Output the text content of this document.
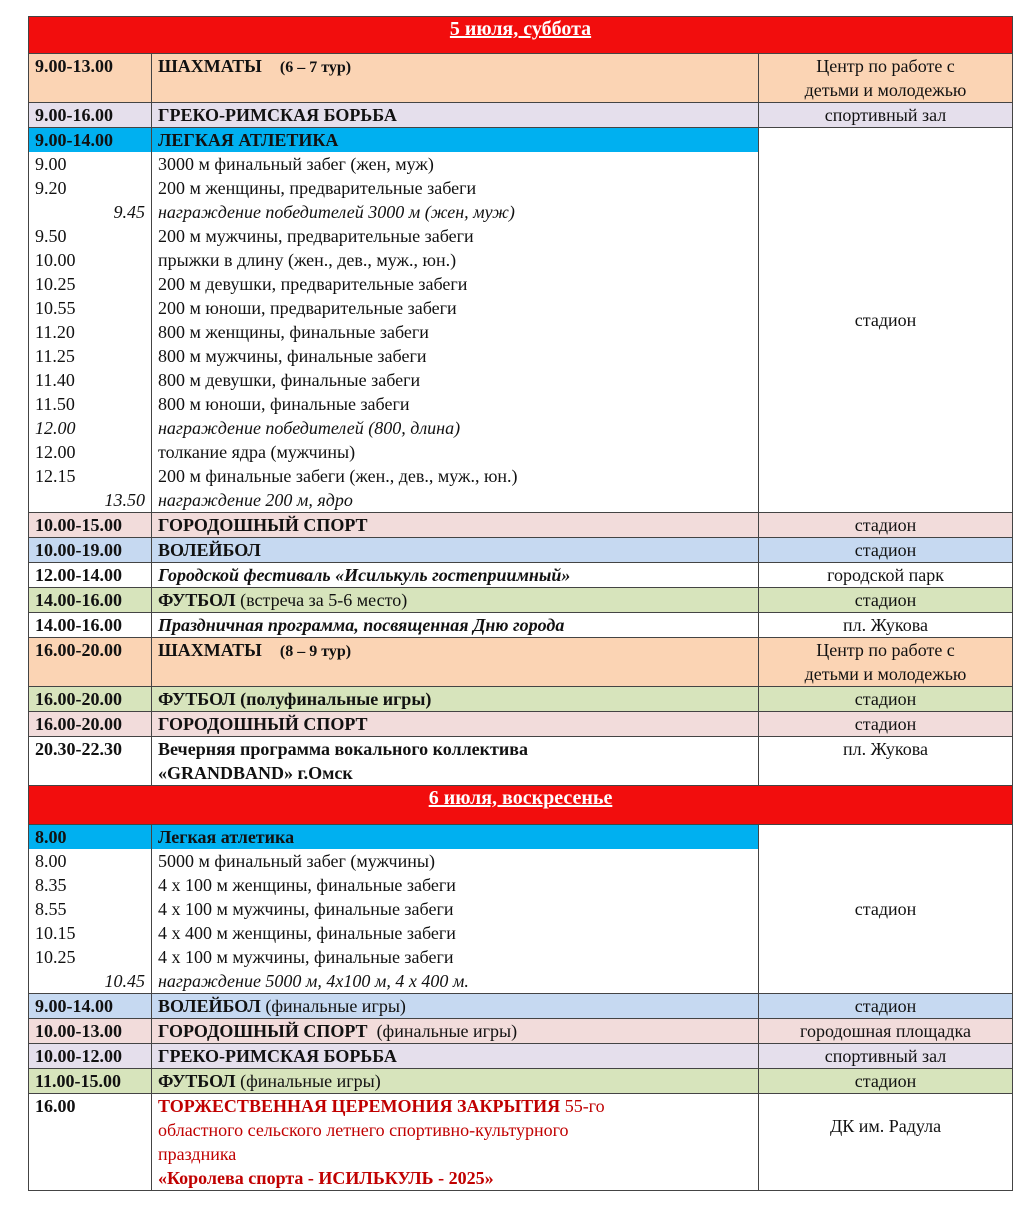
5 июля, суббота		
9.00-13.00	ШАХМАТЫ (6 – 7 тур)	Центр по работе с
детьми и молодежью

9.00-16.00	ГРЕКО-РИМСКАЯ БОРЬБА	спортивный зал
9.00-14.00	ЛЕГКАЯ АТЛЕТИКА	стадион
9.00	3000 м финальный забег (жен, муж)	
9.20	200 м женщины, предварительные забеги	
9.45	награждение победителей 3000 м (жен, муж)	
9.50	200 м мужчины, предварительные забеги	
10.00	прыжки в длину (жен., дев., муж., юн.)	
10.25	200 м девушки, предварительные забеги	
10.55	200 м юноши, предварительные забеги	
11.20	800 м женщины, финальные забеги	
11.25	800 м мужчины, финальные забеги	
11.40	800 м девушки, финальные забеги	
11.50	800 м юноши, финальные забеги	
12.00	награждение победителей (800, длина)	
12.00	толкание ядра (мужчины)	
12.15	200 м финальные забеги (жен., дев., муж., юн.)	
13.50	награждение 200 м, ядро	
10.00-15.00	ГОРОДОШНЫЙ СПОРТ	стадион
10.00-19.00	ВОЛЕЙБОЛ	стадион
12.00-14.00	Городской фестиваль «Исилькуль гостеприимный»	городской парк
14.00-16.00	ФУТБОЛ (встреча за 5-6 место)	стадион
14.00-16.00	Праздничная программа, посвященная Дню города	пл. Жукова
16.00-20.00	ШАХМАТЫ (8 – 9 тур)	Центр по работе с
детьми и молодежью

16.00-20.00	ФУТБОЛ (полуфинальные игры)	стадион
16.00-20.00	ГОРОДОШНЫЙ СПОРТ	стадион
20.30-22.30	Вечерняя программа вокального коллектива
«GRANDBAND» г.Омск	пл. Жукова
6 июля, воскресенье		
8.00	Легкая атлетика	стадион
8.00	5000 м финальный забег (мужчины)	
8.35	4 х 100 м женщины, финальные забеги	
8.55	4 х 100 м мужчины, финальные забеги	
10.15	4 х 400 м женщины, финальные забеги	
10.25	4 х 100 м мужчины, финальные забеги	
10.45	награждение 5000 м, 4х100 м, 4 х 400 м.	
9.00-14.00	ВОЛЕЙБОЛ (финальные игры)	стадион
10.00-13.00	ГОРОДОШНЫЙ СПОРТ (финальные игры)	городошная площадка
10.00-12.00	ГРЕКО-РИМСКАЯ БОРЬБА	спортивный зал
11.00-15.00	ФУТБОЛ (финальные игры)	стадион
16.00	ТОРЖЕСТВЕННАЯ ЦЕРЕМОНИЯ ЗАКРЫТИЯ 55-го
областного сельского летнего спортивно-культурного
праздника
«Королева спорта - ИСИЛЬКУЛЬ - 2025»	ДК им. Радула
